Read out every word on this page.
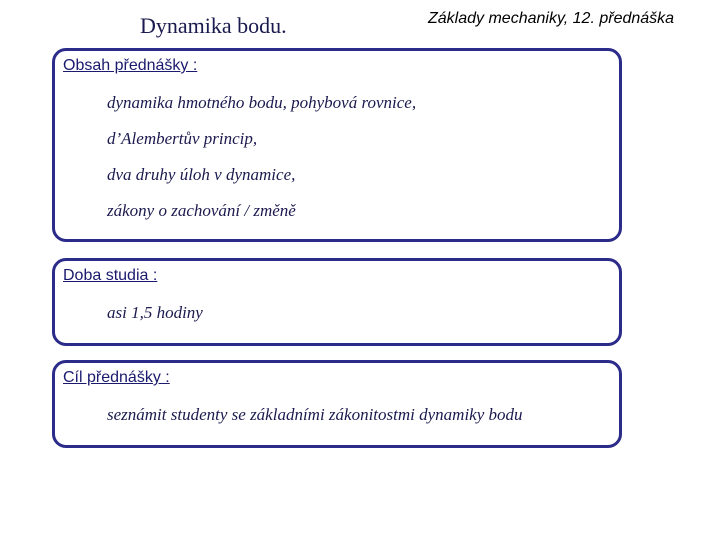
Dynamika bodu.	Základy mechaniky, 12. přednáška
Obsah přednášky :
dynamika hmotného bodu, pohybová rovnice,
d’Alembertův princip,
dva druhy úloh v dynamice,
zákony o zachování / změně
Doba studia :
asi 1,5 hodiny
Cíl přednášky :
seznámit studenty se základními zákonitostmi dynamiky bodu
